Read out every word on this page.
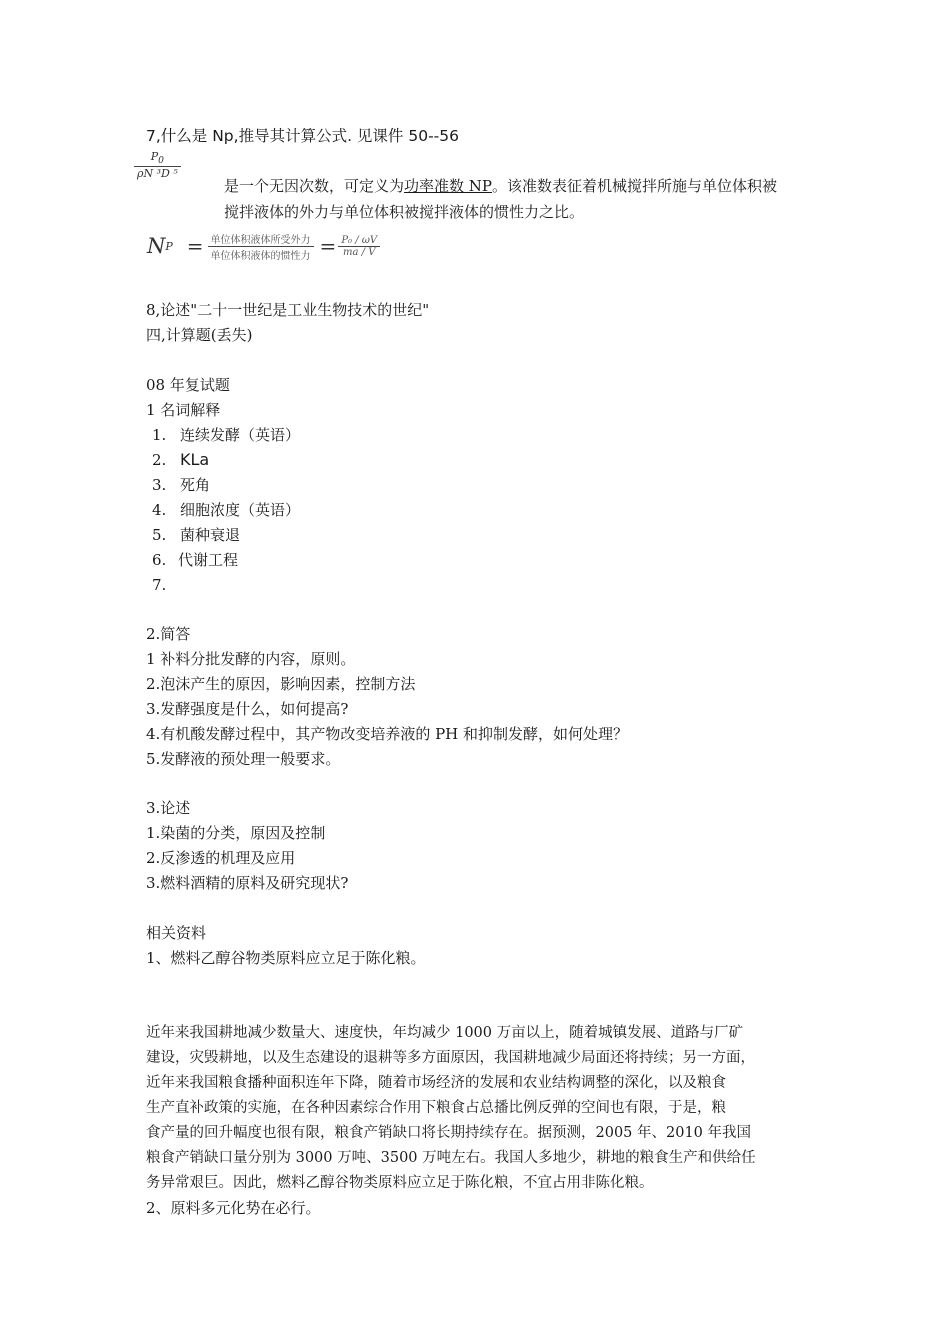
7,什么是 Np,推导其计算公式. 见课件 50--56
$\frac{P_0}{\text{ρN ³D ⁵}}$
是一个无因次数，可定义为功率准数 NP。该准数表征着机械搅拌所施与单位体积被
搅拌液体的外力与单位体积被搅拌液体的惯性力之比。
N $P = \frac{\text{单位体积液体所受外力}}{\text{单位体积液体的惯性力}} = \frac{\text{P₀ / ωV}}{ma / V}$
8,论述"二十一世纪是工业生物技术的世纪"
四,计算题(丢失)
08 年复试题
1 名词解释
1. 连续发酵（英语）
2. KLa
3. 死角
4. 细胞浓度（英语）
5. 菌种衰退
6. 代谢工程
7.
2.简答
1 补料分批发酵的内容，原则。
2.泡沫产生的原因，影响因素，控制方法
3.发酵强度是什么，如何提高?
4.有机酸发酵过程中，其产物改变培养液的 PH 和抑制发酵，如何处理？
5.发酵液的预处理一般要求。
3.论述
1.染菌的分类，原因及控制
2.反渗透的机理及应用
3.燃料酒精的原料及研究现状?
相关资料
1、燃料乙醇谷物类原料应立足于陈化粮。
近年来我国耕地减少数量大、速度快，年均减少 1000 万亩以上，随着城镇发展、道路与厂矿
建设，灾毁耕地，以及生态建设的退耕等多方面原因，我国耕地减少局面还将持续；另一方面，
近年来我国粮食播种面积连年下降，随着市场经济的发展和农业结构调整的深化，以及粮食
生产直补政策的实施，在各种因素综合作用下粮食占总播比例反弹的空间也有限，于是，粮
食产量的回升幅度也很有限，粮食产销缺口将长期持续存在。据预测，2005 年、2010 年我国
粮食产销缺口量分别为 3000 万吨、3500 万吨左右。我国人多地少，耕地的粮食生产和供给任
务异常艰巨。因此，燃料乙醇谷物类原料应立足于陈化粮，不宜占用非陈化粮。
2、原料多元化势在必行。
